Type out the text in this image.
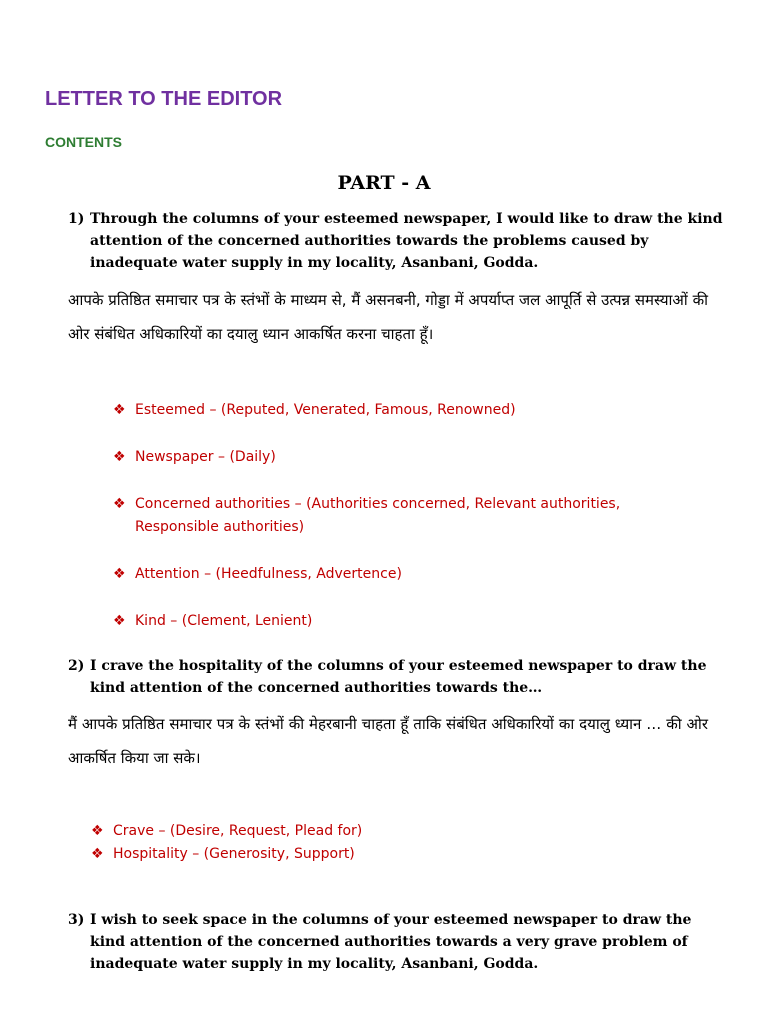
LETTER TO THE EDITOR
CONTENTS
PART - A
1) Through the columns of your esteemed newspaper, I would like to draw the kind attention of the concerned authorities towards the problems caused by inadequate water supply in my locality, Asanbani, Godda.
आपके प्रतिष्ठित समाचार पत्र के स्तंभों के माध्यम से, मैं असनबनी, गोड्डा में अपर्याप्त जल आपूर्ति से उत्पन्न समस्याओं की ओर संबंधित अधिकारियों का दयालु ध्यान आकर्षित करना चाहता हूँ।
❖ Esteemed – (Reputed, Venerated, Famous, Renowned)
❖ Newspaper – (Daily)
❖ Concerned authorities – (Authorities concerned, Relevant authorities, Responsible authorities)
❖ Attention – (Heedfulness, Advertence)
❖ Kind – (Clement, Lenient)
2) I crave the hospitality of the columns of your esteemed newspaper to draw the kind attention of the concerned authorities towards the…
मैं आपके प्रतिष्ठित समाचार पत्र के स्तंभों की मेहरबानी चाहता हूँ ताकि संबंधित अधिकारियों का दयालु ध्यान … की ओर आकर्षित किया जा सके।
❖ Crave – (Desire, Request, Plead for)
❖ Hospitality – (Generosity, Support)
3) I wish to seek space in the columns of your esteemed newspaper to draw the kind attention of the concerned authorities towards a very grave problem of inadequate water supply in my locality, Asanbani, Godda.
